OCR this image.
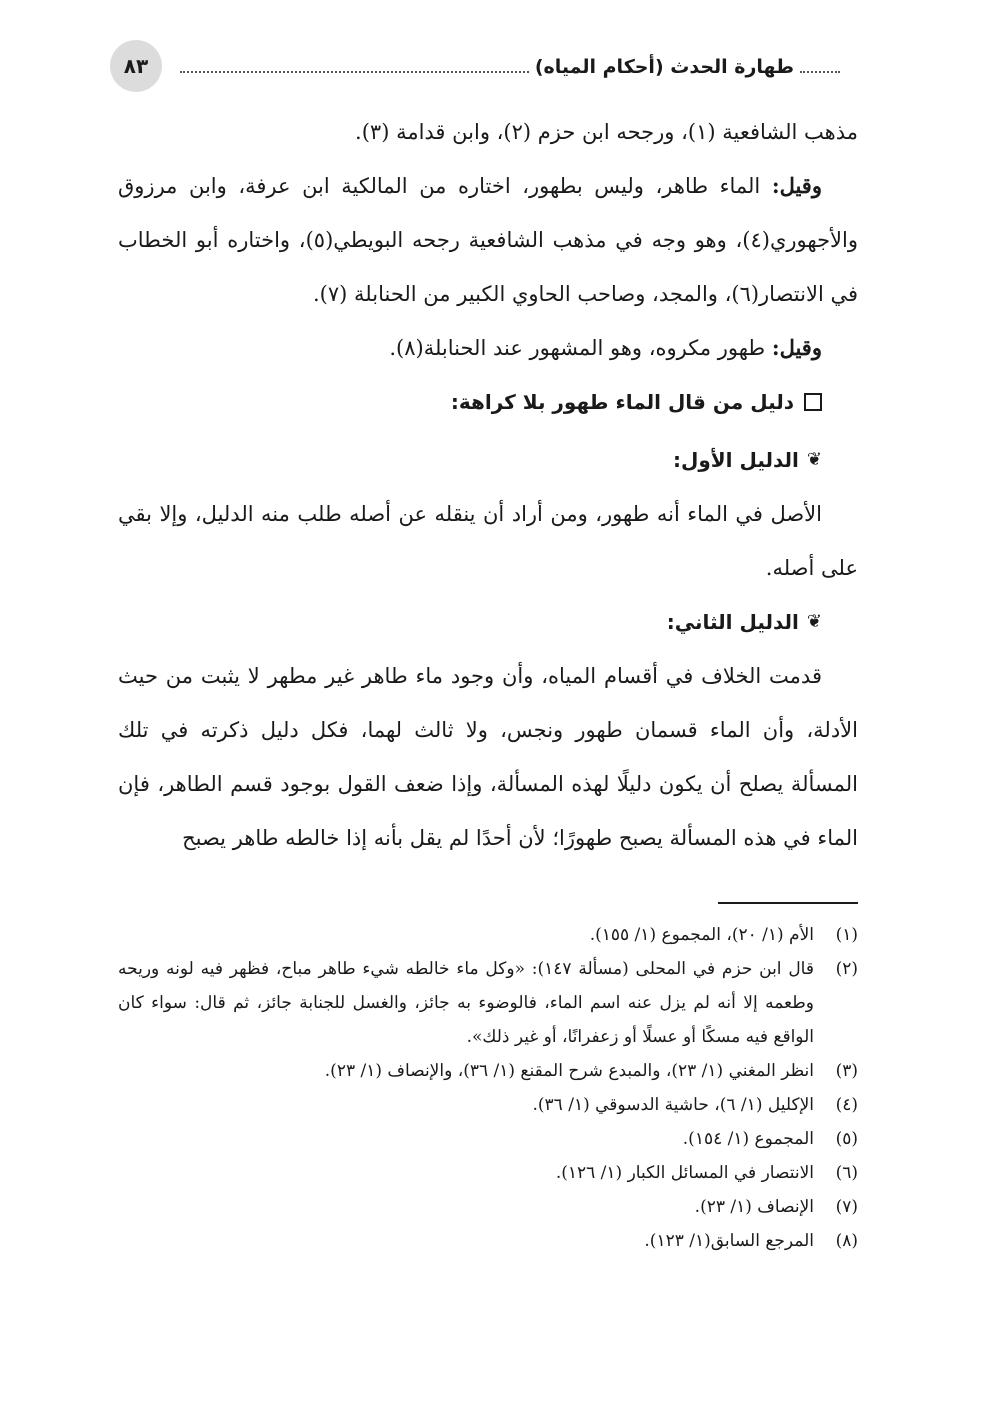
٨٣	طهارة الحدث (أحكام المياه)

مذهب الشافعية (١)، ورجحه ابن حزم (٢)، وابن قدامة (٣).

وقيل: الماء طاهر، وليس بطهور، اختاره من المالكية ابن عرفة، وابن مرزوق والأجهوري(٤)، وهو وجه في مذهب الشافعية رجحه البويطي(٥)، واختاره أبو الخطاب في الانتصار(٦)، والمجد، وصاحب الحاوي الكبير من الحنابلة (٧).

وقيل: طهور مكروه، وهو المشهور عند الحنابلة(٨).

دليل من قال الماء طهور بلا كراهة:
❦
الدليل الأول:

الأصل في الماء أنه طهور، ومن أراد أن ينقله عن أصله طلب منه الدليل، وإلا بقي على أصله.

❦
الدليل الثاني:

قدمت الخلاف في أقسام المياه، وأن وجود ماء طاهر غير مطهر لا يثبت من حيث الأدلة، وأن الماء قسمان طهور ونجس، ولا ثالث لهما، فكل دليل ذكرته في تلك المسألة يصلح أن يكون دليلًا لهذه المسألة، وإذا ضعف القول بوجود قسم الطاهر، فإن الماء في هذه المسألة يصبح طهورًا؛ لأن أحدًا لم يقل بأنه إذا خالطه طاهر يصبح

(١)
الأم (١/ ٢٠)، المجموع (١/ ١٥٥).
(٢)
قال ابن حزم في المحلى (مسألة ١٤٧): «وكل ماء خالطه شيء طاهر مباح، فظهر فيه لونه وريحه وطعمه إلا أنه لم يزل عنه اسم الماء، فالوضوء به جائز، والغسل للجنابة جائز، ثم قال: سواء كان الواقع فيه مسكًا أو عسلًا أو زعفرانًا، أو غير ذلك».
(٣)
انظر المغني (١/ ٢٣)، والمبدع شرح المقنع (١/ ٣٦)، والإنصاف (١/ ٢٣).
(٤)
الإكليل (١/ ٦)، حاشية الدسوقي (١/ ٣٦).
(٥)
المجموع (١/ ١٥٤).
(٦)
الانتصار في المسائل الكبار (١/ ١٢٦).
(٧)
الإنصاف (١/ ٢٣).
(٨)
المرجع السابق(١/ ١٢٣).
